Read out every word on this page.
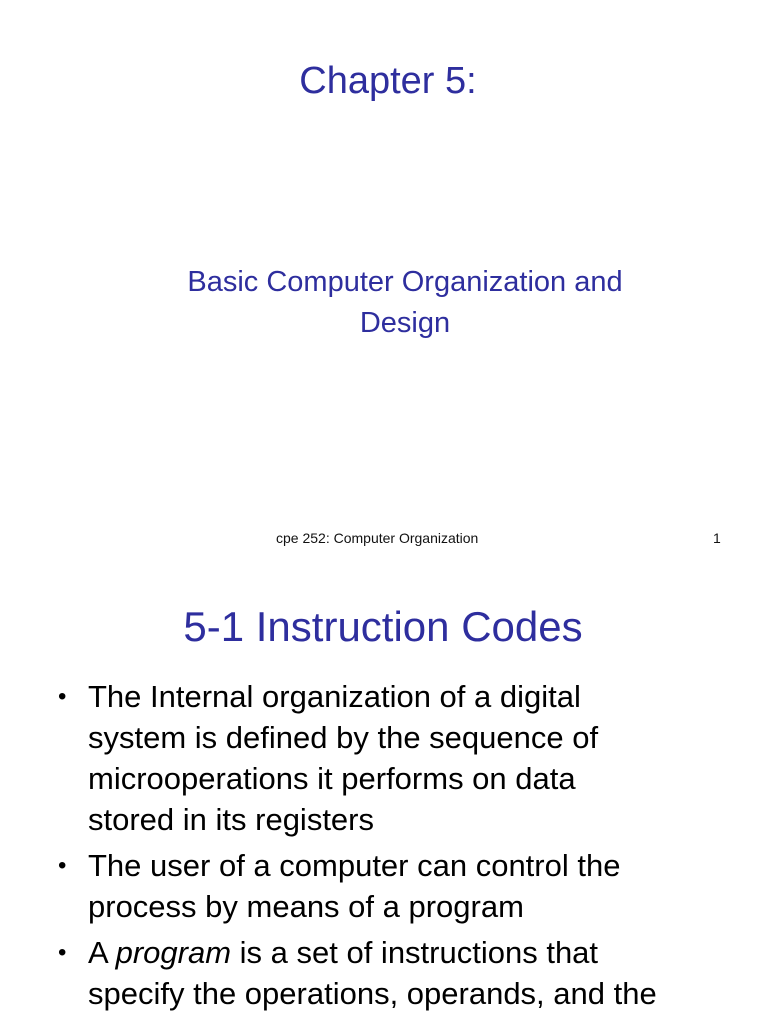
Chapter 5:
Basic Computer Organization and
Design
cpe 252: Computer Organization	1
5-1 Instruction Codes
• The Internal organization of a digital
system is defined by the sequence of
microoperations it performs on data
stored in its registers
• The user of a computer can control the
process by means of a program
• A program is a set of instructions that
specify the operations, operands, and the
